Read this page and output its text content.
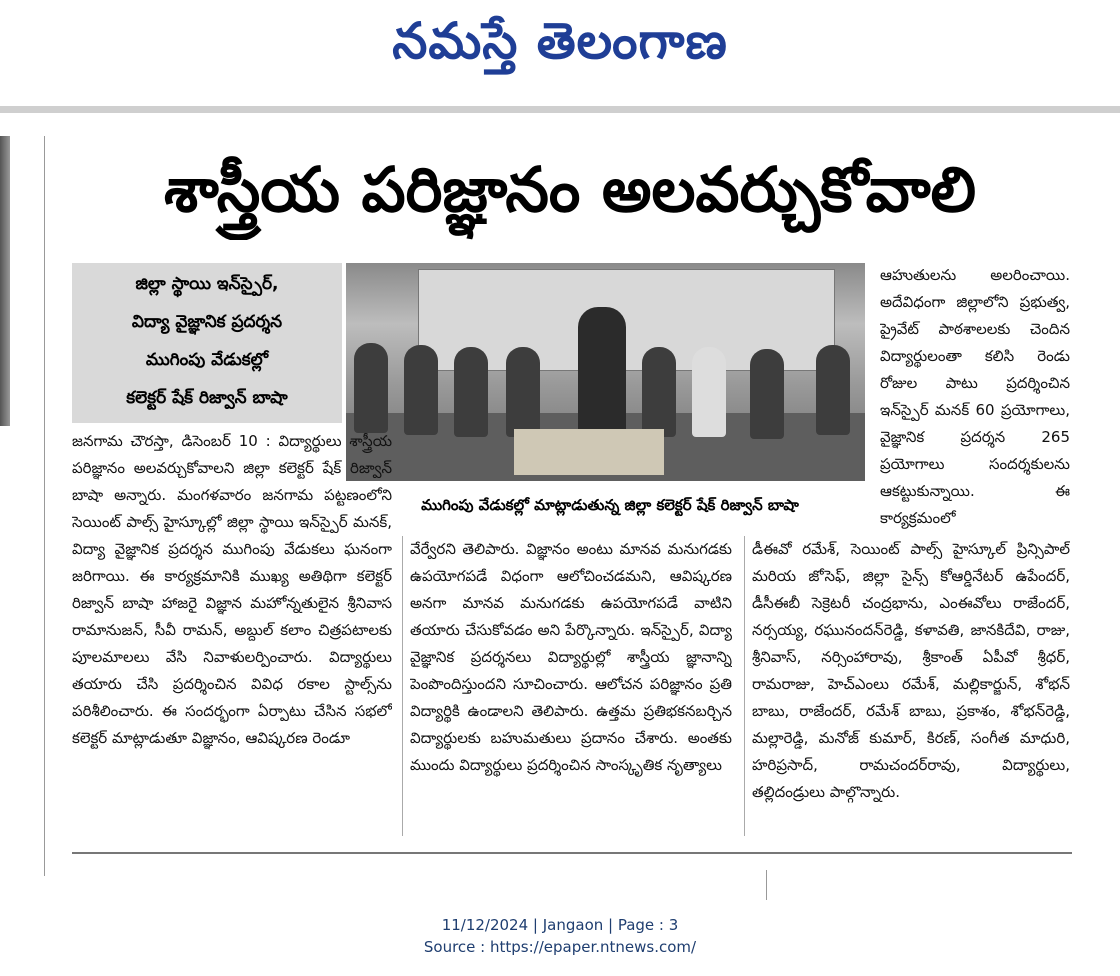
నమస్తే తెలంగాణ
శాస్త్రీయ పరిజ్ఞానం అలవర్చుకోవాలి
జిల్లా స్థాయి ఇన్‌స్పైర్,
విద్యా వైజ్ఞానిక ప్రదర్శన
ముగింపు వేడుకల్లో
కలెక్టర్ షేక్ రిజ్వాన్ బాషా
ముగింపు వేడుకల్లో మాట్లాడుతున్న జిల్లా కలెక్టర్ షేక్ రిజ్వాన్ బాషా

ఆహుతులను అలరించాయి. అదేవిధంగా జిల్లాలోని ప్రభుత్వ, ప్రైవేట్ పాఠశాలలకు చెందిన విద్యార్థులంతా కలిసి రెండు రోజుల పాటు ప్రదర్శించిన ఇన్‌స్పైర్ మనక్ 60 ప్రయోగాలు, వైజ్ఞానిక ప్రదర్శన 265 ప్రయోగాలు సందర్శకులను ఆకట్టుకున్నాయి. ఈ కార్యక్రమంలో

జనగామ చౌరస్తా, డిసెంబర్ 10 : విద్యార్థులు శాస్త్రీయ పరిజ్ఞానం అలవర్చుకోవాలని జిల్లా కలెక్టర్ షేక్ రిజ్వాన్ బాషా అన్నారు. మంగళవారం జనగామ పట్టణంలోని సెయింట్ పాల్స్ హైస్కూల్లో జిల్లా స్థాయి ఇన్‌స్పైర్ మనక్, విద్యా వైజ్ఞానిక ప్రదర్శన ముగింపు వేడుకలు ఘనంగా జరిగాయి. ఈ కార్యక్రమానికి ముఖ్య అతిథిగా కలెక్టర్ రిజ్వాన్ బాషా హాజరై విజ్ఞాన మహోన్నతులైన శ్రీనివాస రామానుజన్, సీవీ రామన్, అబ్దుల్ కలాం చిత్రపటాలకు పూలమాలలు వేసి నివాళులర్పించారు. విద్యార్థులు తయారు చేసి ప్రదర్శించిన వివిధ రకాల స్టాల్స్‌ను పరిశీలించారు. ఈ సందర్భంగా ఏర్పాటు చేసిన సభలో కలెక్టర్ మాట్లాడుతూ విజ్ఞానం, ఆవిష్కరణ రెండూ

వేర్వేరని తెలిపారు. విజ్ఞానం అంటు మానవ మనుగడకు ఉపయోగపడే విధంగా ఆలోచించడమని, ఆవిష్కరణ అనగా మానవ మనుగడకు ఉపయోగపడే వాటిని తయారు చేసుకోవడం అని పేర్కొన్నారు. ఇన్‌స్పైర్, విద్యా వైజ్ఞానిక ప్రదర్శనలు విద్యార్థుల్లో శాస్త్రీయ జ్ఞానాన్ని పెంపొందిస్తుందని సూచించారు. ఆలోచన పరిజ్ఞానం ప్రతి విద్యార్థికి ఉండాలని తెలిపారు. ఉత్తమ ప్రతిభకనబర్చిన విద్యార్థులకు బహుమతులు ప్రదానం చేశారు. అంతకు ముందు విద్యార్థులు ప్రదర్శించిన సాంస్కృతిక నృత్యాలు

డీఈవో రమేశ్, సెయింట్ పాల్స్ హైస్కూల్ ప్రిన్సిపాల్ మరియ జోసెఫ్, జిల్లా సైన్స్ కోఆర్డినేటర్ ఉపేందర్, డీసీఈబీ సెక్రెటరీ చంద్రభాను, ఎంఈవోలు రాజేందర్, నర్సయ్య, రఘునందన్‌రెడ్డి, కళావతి, జానకిదేవి, రాజు, శ్రీనివాస్, నర్సింహారావు, శ్రీకాంత్ ఏపీవో శ్రీధర్, రామరాజు, హెచ్ఎంలు రమేశ్, మల్లికార్జున్, శోభన్ బాబు, రాజేందర్, రమేశ్ బాబు, ప్రకాశం, శోభన్‌రెడ్డి, మల్లారెడ్డి, మనోజ్ కుమార్, కిరణ్, సంగీత మాధురి, హరిప్రసాద్, రామచందర్‌రావు, విద్యార్థులు, తల్లిదండ్రులు పాల్గొన్నారు.

11/12/2024 | Jangaon | Page : 3
Source : https://epaper.ntnews.com/
